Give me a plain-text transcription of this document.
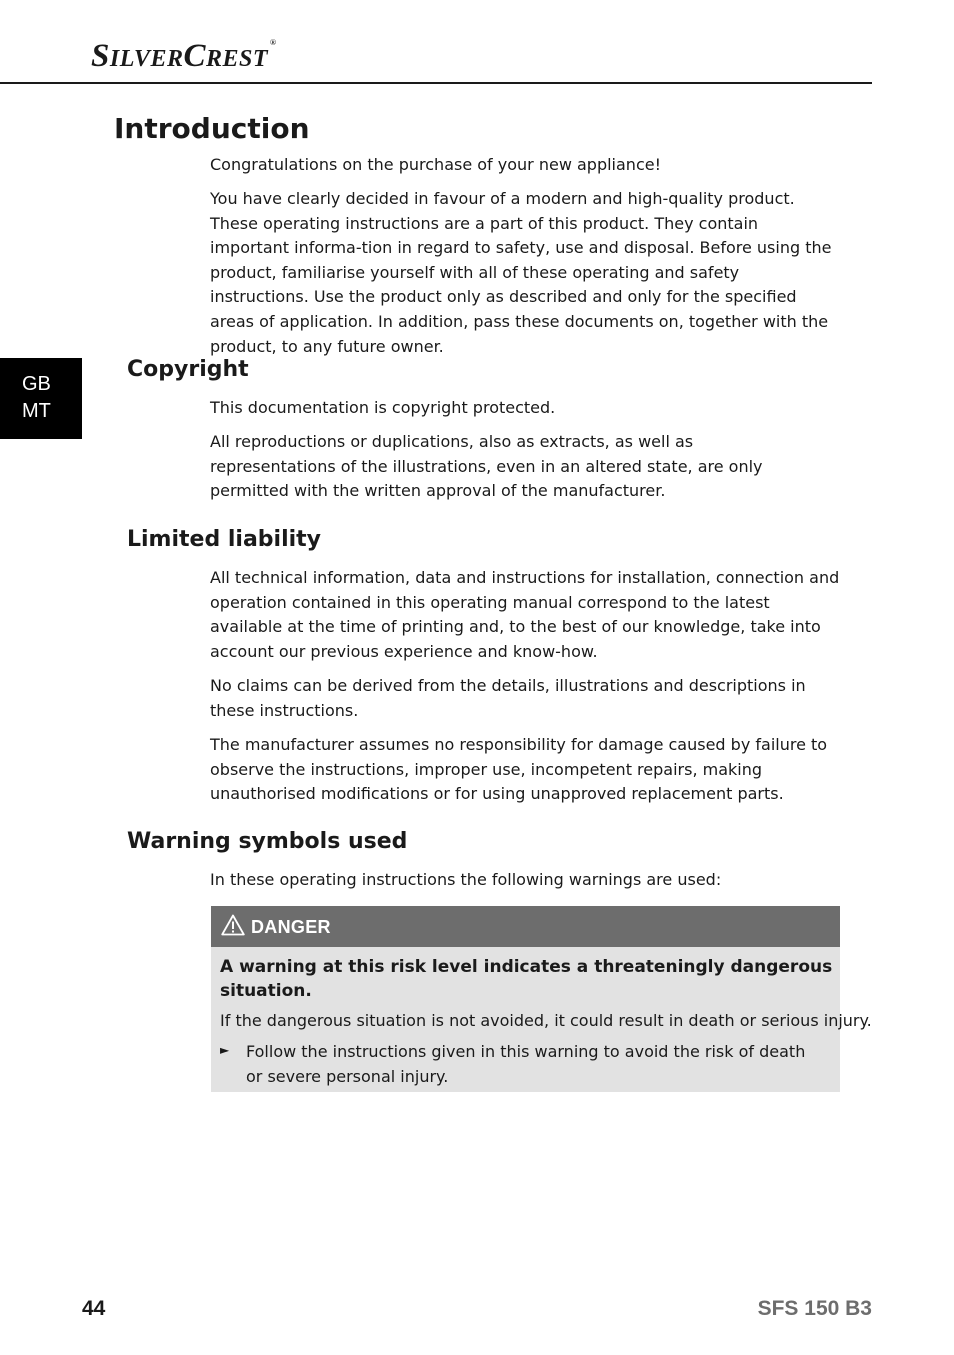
SILVERCREST®
Introduction

Congratulations on the purchase of your new appliance!

You have clearly decided in favour of a modern and high-quality product. These operating instructions are a part of this product. They contain important informa-tion in regard to safety, use and disposal. Before using the product, familiarise yourself with all of these operating and safety instructions. Use the product only as described and only for the specified areas of application. In addition, pass these documents on, together with the product, to any future owner.

GB
MT
Copyright

This documentation is copyright protected.

All reproductions or duplications, also as extracts, as well as representations of the illustrations, even in an altered state, are only permitted with the written approval of the manufacturer.

Limited liability

All technical information, data and instructions for installation, connection and operation contained in this operating manual correspond to the latest available at the time of printing and, to the best of our knowledge, take into account our previous experience and know-how.

No claims can be derived from the details, illustrations and descriptions in these instructions.

The manufacturer assumes no responsibility for damage caused by failure to observe the instructions, improper use, incompetent repairs, making unauthorised modifications or for using unapproved replacement parts.

Warning symbols used

In these operating instructions the following warnings are used:

DANGER

A warning at this risk level indicates a threateningly dangerous situation.

If the dangerous situation is not avoided, it could result in death or serious injury.

► Follow the instructions given in this warning to avoid the risk of death or severe personal injury.

44	SFS 150 B3
